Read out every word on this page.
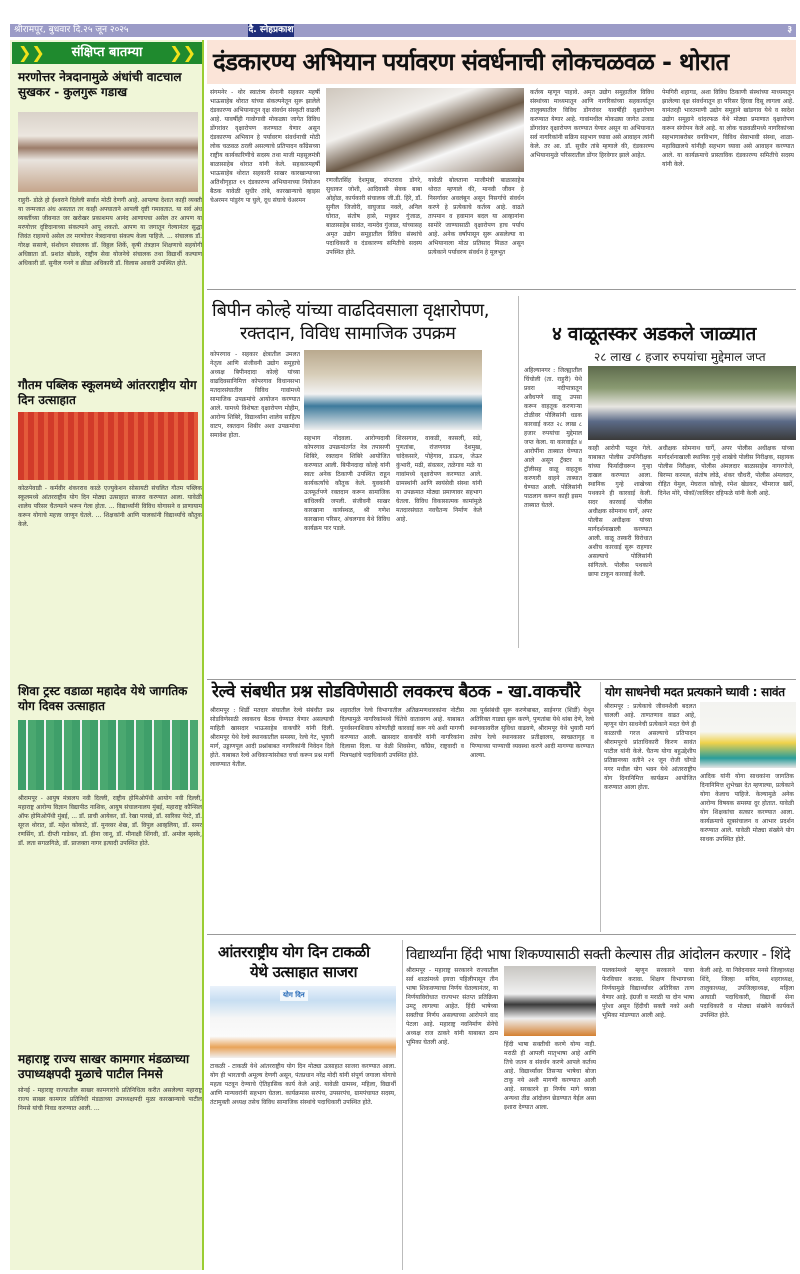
श्रीरामपूर, बुधवार दि.२५ जून २०२५	दै. स्नेहप्रकाश	३
❯❯ संक्षिप्त बातम्या ❯❯
मरणोत्तर नेत्रदानामुळे अंधांची वाटचाल सुखकर - कुलगुरू गडाख
राहुरी- डोळे हो ईश्वराने दिलेली सर्वात मोठी देणगी आहे. आपल्या देशात काही व्यक्ती या जन्मजात अंध असतात तर काही अपघाताने आपली दृष्टी गमावतात. या सर्व अंध व्यक्तींच्या जीवनात जर खरोखर प्रकाशमय आनंद आणायचा असेल तर आपण या मरणोत्तर दृष्टिदानाच्या संकल्पाने आपू शकतो. आपण या जगातून गेल्यानंतर सुद्धा जिवंत राहायचे असेल तर मरणोत्तर नेत्रदानाचा संकल्प केला पाहिजे. ... संचालक डॉ. गोरक्ष ससाणे, संशोधन संचालक डॉ. विठ्ठल शिर्के, कृषी तंत्रज्ञान शिक्षणाचे सहयोगी अधिष्ठाता डॉ. प्रशांत बोडके, राष्ट्रीय सेवा योजनेचे संचालक तथा विद्यार्थी कल्याण अधिकारी डॉ. सुनील गनगे व क्रीडा अधिकारी डॉ. विलास आवारी उपस्थित होते.
गौतम पब्लिक स्कूलमध्ये आंतरराष्ट्रीय योग दिन उत्साहात
कोळपेवाडी - कर्मवीर शंकरराव काळे एज्युकेशन सोसायटी संचलित गौतम पब्लिक स्कूलमध्ये आंतरराष्ट्रीय योग दिन मोठ्या उत्साहात साजरा करण्यात आला. यावेळी शालेय परिसर चैतन्याने भरून गेला होता. ... विद्यार्थ्यांनी विविध योगासने व प्राणायाम करून योगाचे महत्त्व जाणून घेतले. ... शिक्षकांनी आणि पालकांनी विद्यार्थ्यांचे कौतुक केले.
शिवा ट्रस्ट वडाळा महादेव येथे जागतिक योग दिवस उत्साहात
श्रीरामपूर - आयुष मंत्रालय नवी दिल्ली, राष्ट्रीय होमिओपॅथी आयोग नवी दिल्ली, महाराष्ट्र आरोग्य विज्ञान विद्यापीठ नाशिक, आयुष संचालनालय मुंबई, महाराष्ट्र कौन्सिल ऑफ होमिओपॅथी मुंबई, ... डॉ. प्राची आयेकर, डॉ. रेखा पारखे, डॉ. सारिका पेरटे, डॉ. सूरज थोरात, डॉ. महेश कोकाटे, डॉ. मुनव्वर शेख, डॉ. विपुल आव्हलिया, डॉ. समर रणसिंग, डॉ. दीप्ती गाडेकर, डॉ. हीना जानू, डॉ. मीनाक्षी शिंगवी, डॉ. अमोल म्हस्के, डॉ. लता सगळगिळे, डॉ. प्राजक्ता नागर इत्यादी उपस्थित होते.
महाराष्ट्र राज्य साखर कामगार मंडळाच्या उपाध्यक्षपदी मुळाचे पाटील निमसे
सोनई - महाराष्ट्र राज्यातील साखर कामगारांचे प्रतिनिधित्व करीत असलेल्या महाराष्ट्र राज्य साखर कामगार प्रतिनिधी मंडळाच्या उपाध्यक्षपदी मुळा कारखान्याचे पाटील निमसे यांची निवड करण्यात आली. ...
दंडकारण्य अभियान पर्यावरण संवर्धनाची लोकचळवळ - थोरात
संगमनेर - थोर स्वातंत्र्य सेनानी सहकार महर्षी भाऊसाहेब थोरात यांच्या संकल्पनेतून सुरू झालेले दंडकारण्य अभियानातून वृक्ष संवर्धन संस्कृती वाढली आहे. यावर्षीही गावोगावी मोकळ्या जागेत विविध डोंगरांवर वृक्षारोपण करण्यात येणार असून दंडकारण्य अभियान हे पर्यावरण संवर्धनाची मोठी लोक चळवळ ठरली असल्याचे प्रतिपादन काँग्रेसच्या राष्ट्रीय कार्यकारिणीचे सदस्य तथा माजी महसूलमंत्री बाळासाहेब थोरात यांनी केले. सहकारमहर्षी भाऊसाहेब थोरात सहकारी साखर कारखान्याच्या अतिथीगृहात १९ दंडकारण्य अभियानाच्या नियोजन बैठक यावेळी सुधीर तांबे, कारखान्याचे व्हाइस चेअरमन पांडुरंग पा घुले, दूध संघाचे चेअरमन
रणजीतसिंह देशमुख, संपतराव डोंगरे, सुधाकर जोशी, आदिवासी सेवक बाबा ओहोळ, कार्यकारी संचालक जी.डी. हिरे, डॉ. सुनील जिजोरी, वाघुजाड नवले, अनिल घोरात, संतोष हासे, मधुकर गुंजाळ, बाळासाहेब सावंत, नामदेव गुंजाळ, यांच्यासह अमृत उद्योग समूहातील विविध संस्थांचे पदाधिकारी व दंडकारण्य समितीचे सदस्य उपस्थित होते.
यावेळी बोलताना माजीमंत्री बाळासाहेब थोरात म्हणाले की, मानवी जीवन हे निसर्गावर अवलंबून असून निसर्गाचे संवर्धन करणे हे प्रत्येकाचे कर्तव्य आहे. वाढते तापमान व हवामान बदल या आव्हानांना सामोरे जाण्यासाठी वृक्षारोपण हाच पर्याय आहे. अनेक वर्षांपासून सुरू असलेल्या या अभियानाला मोठा प्रतिसाद मिळत असून प्रत्येकाने पर्यावरण संवर्धन हे मूलभूत
कर्तव्य म्हणून पाहावे. अमृत उद्योग समूहातील विविध संस्थांच्या माध्यमातून आणि नागरिकांच्या सहकार्यातून तालुक्यातील विविध डोंगरांवर यावर्षीही वृक्षारोपण करण्यात येणार आहे. गावांमधील मोकळ्या जागेत उजाड डोंगरांवर वृक्षारोपण करण्यात येणार असून या अभियानात सर्व नागरिकांनी सक्रिय सहभाग घ्यावा असे आवाहन त्यांनी केले. तर आ. डॉ. सुधीर तांबे म्हणाले की, दंडकारण्य अभियानामुळे परिसरातील डोंगर हिरवेगार झाले आहेत.
पेमगिरी शहागड, अशा विविध ठिकाणी संस्थांच्या माध्यमातून झालेल्या वृक्ष संवर्धनातून हा परिसर हिरवा दिसू लागला आहे. यानंतरही भारतमाणी उद्योग समूहाने खांडगाव येथे व स्वदेश उद्योग समूहाने धांदरफळ येथे मोठ्या प्रमाणात वृक्षारोपण करून संगोपन केले आहे. या लोक चळवळीमध्ये नागरिकांच्या सहभागाबरोबर वनविभाग, विविध सेवाभावी संस्था, शाळा-महाविद्यालये यांनीही सहभाग घ्यावा असे आवाहन करण्यात आले. या कार्यक्रमाचे प्रास्ताविक दंडकारण्य समितीचे सदस्य यांनी केले.
बिपीन कोल्हे यांच्या वाढदिवसाला वृक्षारोपण,
रक्तदान, विविध सामाजिक उपक्रम
कोपरगाव - सहकार क्षेत्रातील उमलत नेतृत्व आणि संजीवनी उद्योग समूहाचे अध्यक्ष बिपीनदादा कोल्हे यांच्या वाढदिवसानिमित्त कोपरगाव विधानसभा मतदारसंघातील विविध गावांमध्ये सामाजिक उपक्रमांचे आयोजन करण्यात आले. यामध्ये विशेषतः वृक्षारोपण मोहीम, आरोग्य शिबिरे, विद्यार्थ्यांना शालेय साहित्य वाटप, रक्तदान शिबीर अशा उपक्रमांचा समावेश होता.	सहभाग नोंदवला. आरोग्यदायी कोपरगाव उपक्रमांतर्गत नेत्र तपासणी शिबिरे, रक्तदान शिबिरे आयोजित करण्यात आली. बिपीनदादा कोल्हे यांनी स्वतः अनेक ठिकाणी उपस्थित राहून कार्यकर्त्यांचे कौतुक केले. युवकांनी उत्स्फूर्तपणे रक्तदान करून सामाजिक बांधिलकी जपली. संजीवनी साखर कारखाना कार्यस्थळ, श्री गणेश कारखाना परिसर, अंचलगाव येथे विविध कार्यक्रम पार पडले.
शिरसगाव, वाकडी, कासली, सडे, पुणतांबा, रांजणगाव देशमुख, चांदेकसारे, पोहेगाव, डाऊच, जेऊर कुंभारी, मढी, संवत्सर, तळेगाव मळे या गावांमध्ये वृक्षारोपण करण्यात आले. ग्रामस्थांनी आणि स्वयंसेवी संस्था यांनी या उपक्रमात मोठ्या प्रमाणावर सहभाग घेतला. विविध विकासात्मक कामांमुळे मतदारसंघात नवचैतन्य निर्माण केले आहे.
४ वाळूतस्कर अडकले जाळ्यात
२८ लाख ८ हजार रुपयांचा मुद्देमाल जप्त
अहिल्यानगर : जिल्ह्यातील चिंचोली (ता. राहुरी) येथे प्रवरा नदीपात्रातून अवैधपणे वाळू उपसा करून वाहतूक करणाऱ्या टोळीवर पोलिसांनी धडक कारवाई करत २८ लाख ८ हजार रुपयांचा मुद्देमाल जप्त केला. या कारवाईत ४ आरोपींना ताब्यात घेण्यात आले असून ट्रॅक्टर व ट्रॉलीसह वाळू वाहतूक करणारी वाहने ताब्यात घेण्यात आली. पोलिसांनी पाठलाग करून काही इसम ताब्यात घेतले.
काही आरोपी पळून गेले. याबाबत पोलीस उपनिरीक्षक यांच्या फिर्यादीवरून गुन्हा दाखल करण्यात आला. स्थानिक गुन्हे शाखेच्या पथकाने ही कारवाई केली. सदर कारवाई पोलीस अधीक्षक सोमनाथ घार्गे, अपर पोलीस अधीक्षक यांच्या मार्गदर्शनाखाली करण्यात आली. वाळू तस्करी विरोधात अशीच कारवाई सुरू राहणार असल्याचे पोलिसांनी सांगितले. पोलीस पथकाने छापा टाकून कारवाई केली.
अधीक्षक सोमनाथ घार्गे, अपर पोलीस अधीक्षक यांच्या मार्गदर्शनाखाली स्थानिक गुन्हे शाखेचे पोलीस निरीक्षक, सहायक पोलीस निरीक्षक, पोलीस अंमलदार बाळासाहेब नागरगोजे, बिरप्पा करमल, संतोष लोढे, शंकर चौधरी, पोलीस अंमलदार, रोहित येमुल, मेघराज कोल्हे, रमेश खेडकर, भीमराज खर्से, दिनेश मोरे, पोकॉ/जालिंदर दहिफळे यांनी केली आहे.
रेल्वे संबधीत प्रश्न सोडविणेसाठी लवकरच बैठक - खा.वाकचौरे
श्रीरामपूर : शिर्डी मतदार संघातील रेल्वे संबंधीत प्रश्न सोडविणेसाठी लवकरच बैठक घेण्यात येणार असल्याची माहिती खासदार भाऊसाहेब वाकचौरे यांनी दिली. श्रीरामपूर येथे रेल्वे स्थानकातील समस्या, रेल्वे गेट, भुयारी मार्ग, उड्डाणपूल आदी प्रश्नांबाबत नागरिकांनी निवेदन दिले होते. याबाबत रेल्वे अधिकाऱ्यांसोबत चर्चा करून प्रश्न मार्गी लावण्यात येतील.
शहरातील रेल्वे विभागातील अतिक्रमणधारकांना नोटीस दिल्यामुळे नागरिकांमध्ये चिंतेचे वातावरण आहे. याबाबत पुनर्वसनाशिवाय कोणतीही कारवाई करू नये अशी मागणी करण्यात आली. खासदार वाकचौरे यांनी नागरिकांना दिलासा दिला. या वेळी शिवसेना, काँग्रेस, राष्ट्रवादी व मित्रपक्षांचे पदाधिकारी उपस्थित होते.
त्या पुर्वसंबंधी सुरू करणेबाबत, साईनगर (शिर्डी) येथून अतिरिक्त गाड्या सुरू करणे, पुणतांबा येथे थांबा देणे, रेल्वे स्थानकावरील सुविधा वाढवणे, श्रीरामपूर येथे भुयारी मार्ग तसेच रेल्वे स्थानकावर प्रतीक्षालय, स्वच्छतागृह व पिण्याच्या पाण्याची व्यवस्था करणे आदी मागण्या करण्यात आल्या.
योग साधनेची मदत प्रत्यकाने घ्यावी : सावंत
श्रीरामपूर : प्रत्येकाचे जीवनशैली बदलत चालली आहे. ताणतणाव वाढत आहे, म्हणून योग साधनेची प्रत्येकाने मदत घेणे ही काळाची गरज असल्याचे प्रतिपादन श्रीरामपूरचे प्रांताधिकारी किरण सावंत पाटील यांनी केले. चैतन्य योगा बहुउद्देशीय प्रतिष्ठानच्या वतीने २१ जून रोजी घोंगडे नगर मधील योग भवन येथे आंतरराष्ट्रीय योग दिनानिमित्त कार्यक्रम आयोजित करण्यात आला होता.
आदिक यांनी योगा साधकांना जागतिक दिनानिमित्त शुभेच्छा देत म्हणाल्या, प्रत्येकाने योगा केलाच पाहिजे. केल्यामुळे अनेक आरोग्य विषयक समस्या दूर होतात. यावेळी योग शिक्षकांचा सत्कार करण्यात आला. कार्यक्रमाचे सूत्रसंचालन व आभार प्रदर्शन करण्यात आले. यावेळी मोठ्या संख्येने योग साधक उपस्थित होते.
आंतरराष्ट्रीय योग दिन टाकळी
येथे उत्साहात साजरा
योग दिन
टाकळी - टाकळी येथे आंतरराष्ट्रीय योग दिन मोठ्या उत्साहात साजरा करण्यात आला. योग ही भारताची अमूल्य देणगी असून, पंतप्रधान नरेंद्र मोदी यांनी संपूर्ण जगाला योगाचे महत्व पटवून देण्याचे ऐतिहासिक कार्य केले आहे. यावेळी ग्रामस्थ, महिला, विद्यार्थी आणि मान्यवरांनी सहभाग घेतला. कार्यक्रमास सरपंच, उपसरपंच, ग्रामपंचायत सदस्य, तंटामुक्ती अध्यक्ष तसेच विविध सामाजिक संस्थांचे पदाधिकारी उपस्थित होते.
विद्यार्थ्यांना हिंदी भाषा शिकण्यासाठी सक्ती केल्यास तीव्र आंदोलन करणार - शिंदे
श्रीरामपूर - महाराष्ट्र सरकारने राज्यातील सर्व शाळांमध्ये इयत्ता पहिलीपासून तीन भाषा शिकवण्याचा निर्णय घेतल्यानंतर, या निर्णयाविरोधात राज्यभर संतप्त प्रतिक्रिया उमटू लागल्या आहेत. हिंदी भाषेच्या सक्तीचा निर्णय असल्याच्या आरोपाने वाद पेटला आहे. महाराष्ट्र नवनिर्माण सेनेचे अध्यक्ष राज ठाकरे यांनी याबाबत ठाम भूमिका घेतली आहे.	हिंदी भाषा सक्तीची करणे योग्य नाही. मराठी ही आपली मातृभाषा आहे आणि तिचे जतन व संवर्धन करणे आपले कर्तव्य आहे. विद्यार्थ्यांवर तिसऱ्या भाषेचा बोजा टाकू नये अशी मागणी करण्यात आली आहे. सरकारने हा निर्णय मागे घ्यावा अन्यथा तीव्र आंदोलन छेडण्यात येईल असा इशारा देण्यात आला.
पालकांमध्ये म्हणून सरकारने याचा फेरविचार करावा. शिक्षण विभागाच्या निर्णयामुळे विद्यार्थ्यांवर अतिरिक्त ताण येणार आहे. इंग्रजी व मराठी या दोन भाषा पुरेशा असून हिंदीची सक्ती नको अशी भूमिका मांडण्यात आली आहे.
केली आहे. या निवेदनावर मनसे जिल्हाध्यक्ष शिंदे, जिल्हा सचिव, शहराध्यक्ष, तालुकाध्यक्ष, उपजिल्हाध्यक्ष, महिला आघाडी पदाधिकारी, विद्यार्थी सेना पदाधिकारी व मोठ्या संख्येने कार्यकर्ते उपस्थित होते.
